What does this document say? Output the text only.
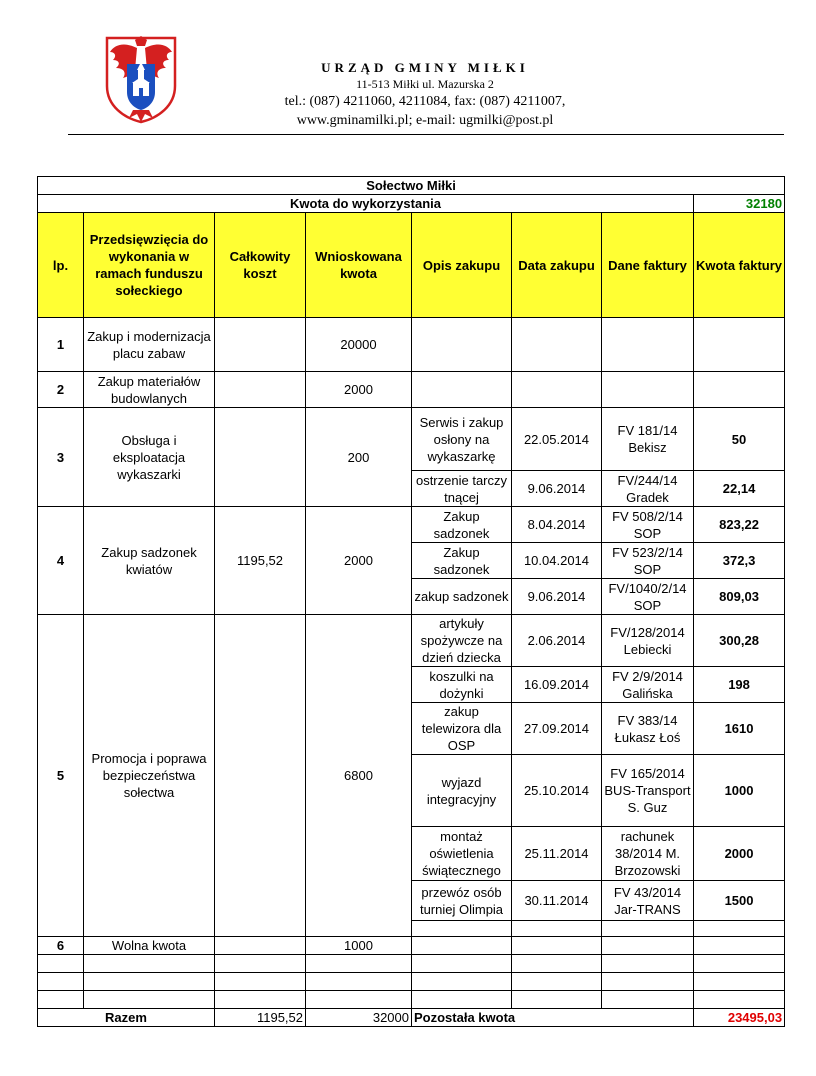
URZĄD GMINY MIŁKI
11-513 Miłki ul. Mazurska 2
tel.: (087) 4211060, 4211084, fax: (087) 4211007,
www.gminamilki.pl; e-mail: ugmilki@post.pl
Sołectwo Miłki							
Kwota do wykorzystania							32180
lp.	Przedsięwzięcia do wykonania w ramach funduszu sołeckiego	Całkowity koszt	Wnioskowana kwota	Opis zakupu	Data zakupu	Dane faktury	Kwota faktury
1	Zakup i modernizacja placu zabaw		20000				
2	Zakup materiałów budowlanych		2000				
3	Obsługa i eksploatacja wykaszarki		200	Serwis i zakup osłony na wykaszarkę	22.05.2014	FV 181/14 Bekisz	50
				ostrzenie tarczy tnącej	9.06.2014	FV/244/14 Gradek	22,14
4	Zakup sadzonek kwiatów	1195,52	2000	Zakup sadzonek	8.04.2014	FV 508/2/14 SOP	823,22
				Zakup sadzonek	10.04.2014	FV 523/2/14 SOP	372,3
				zakup sadzonek	9.06.2014	FV/1040/2/14 SOP	809,03
5	Promocja i poprawa bezpieczeństwa sołectwa		6800	artykuły spożywcze na dzień dziecka	2.06.2014	FV/128/2014 Lebiecki	300,28
				koszulki na dożynki	16.09.2014	FV 2/9/2014 Galińska	198
				zakup telewizora dla OSP	27.09.2014	FV 383/14 Łukasz Łoś	1610
				wyjazd integracyjny	25.10.2014	FV 165/2014 BUS-Transport S. Guz	1000
				montaż oświetlenia świątecznego	25.11.2014	rachunek 38/2014 M. Brzozowski	2000
				przewóz osób turniej Olimpia	30.11.2014	FV 43/2014 Jar-TRANS	1500

6	Wolna kwota		1000				

Razem		1195,52	32000	Pozostała kwota			23495,03
